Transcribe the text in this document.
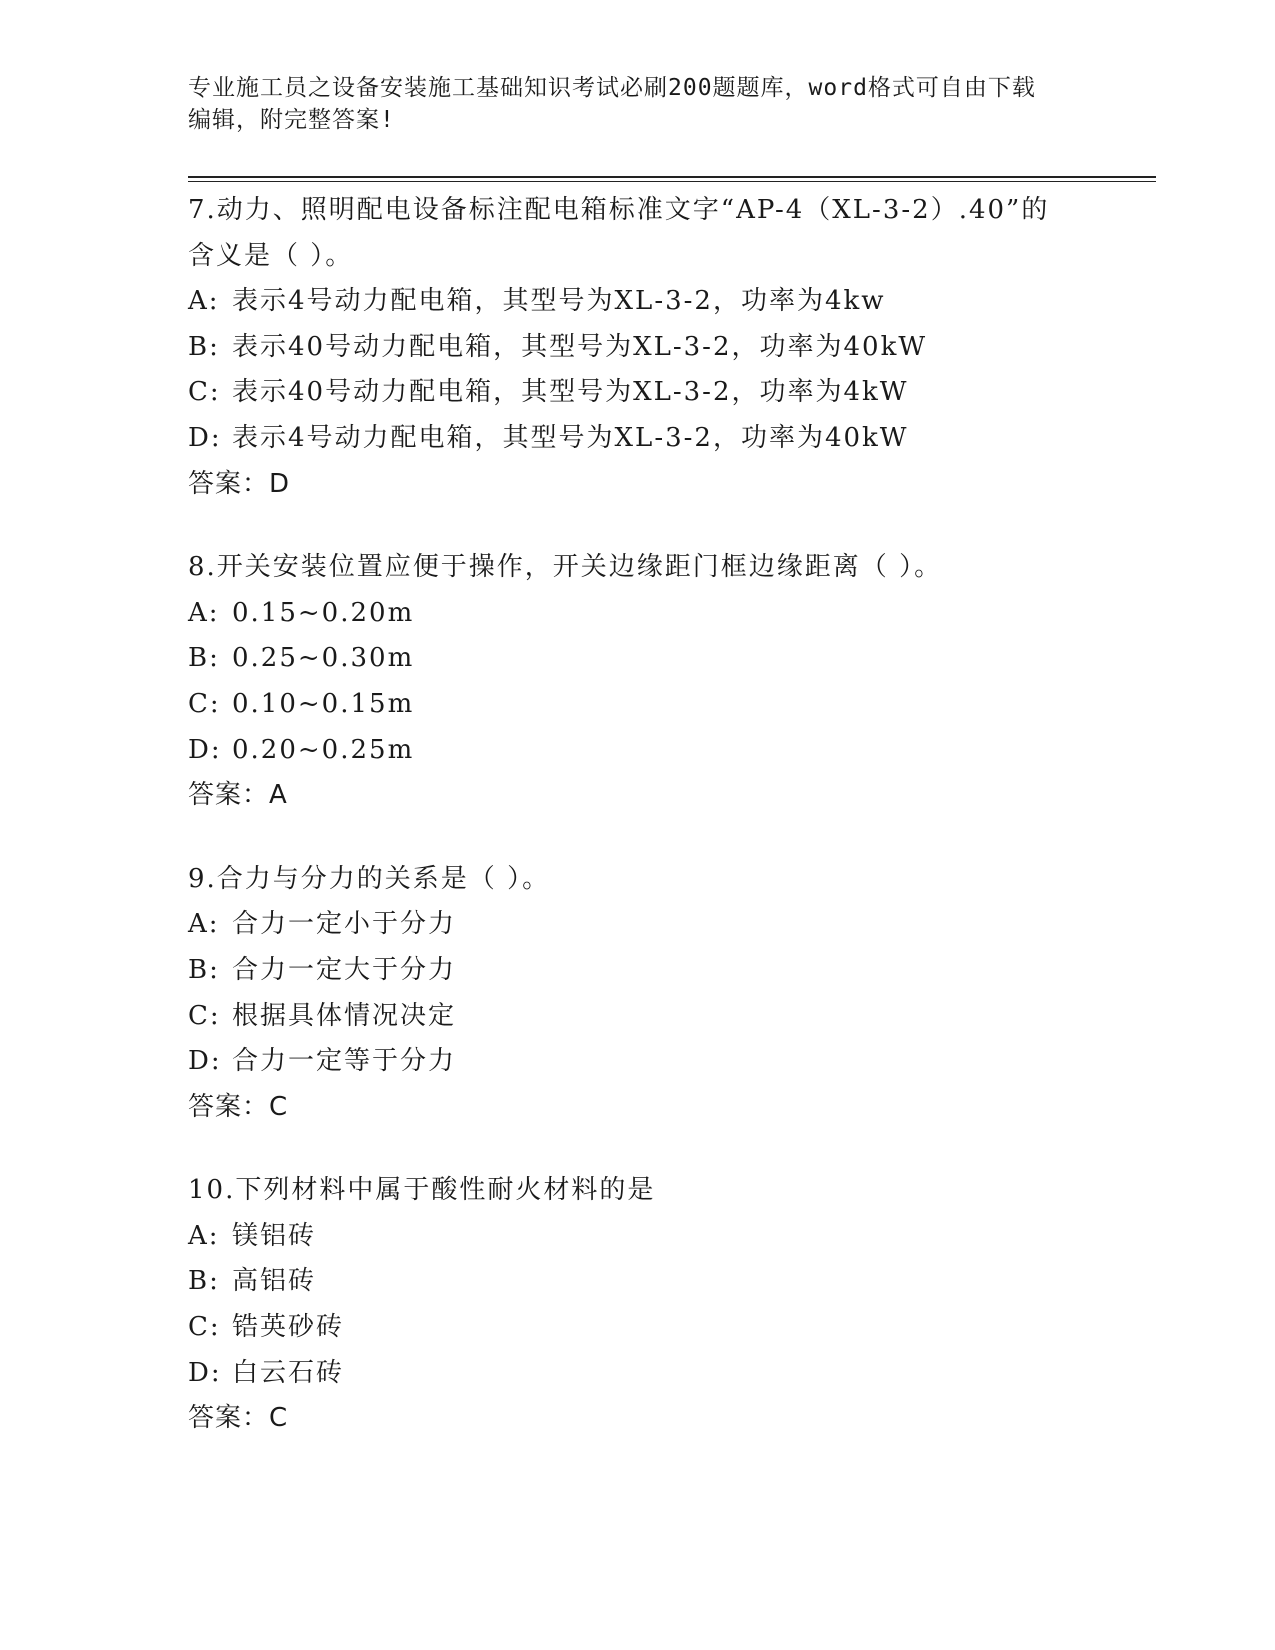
专业施工员之设备安装施工基础知识考试必刷200题题库，word格式可自由下载
编辑，附完整答案!
7.动力、照明配电设备标注配电箱标准文字“AP-4（XL-3-2）.40”的含义是（ ）。
A: 表示4号动力配电箱，其型号为XL-3-2，功率为4kw
B: 表示40号动力配电箱，其型号为XL-3-2，功率为40kW
C: 表示40号动力配电箱，其型号为XL-3-2，功率为4kW
D: 表示4号动力配电箱，其型号为XL-3-2，功率为40kW
答案：D
8.开关安装位置应便于操作，开关边缘距门框边缘距离（ ）。
A: 0.15~0.20m
B: 0.25~0.30m
C: 0.10~0.15m
D: 0.20~0.25m
答案：A
9.合力与分力的关系是（ ）。
A: 合力一定小于分力
B: 合力一定大于分力
C: 根据具体情况决定
D: 合力一定等于分力
答案：C
10.下列材料中属于酸性耐火材料的是
A: 镁铝砖
B: 高铝砖
C: 锆英砂砖
D: 白云石砖
答案：C
